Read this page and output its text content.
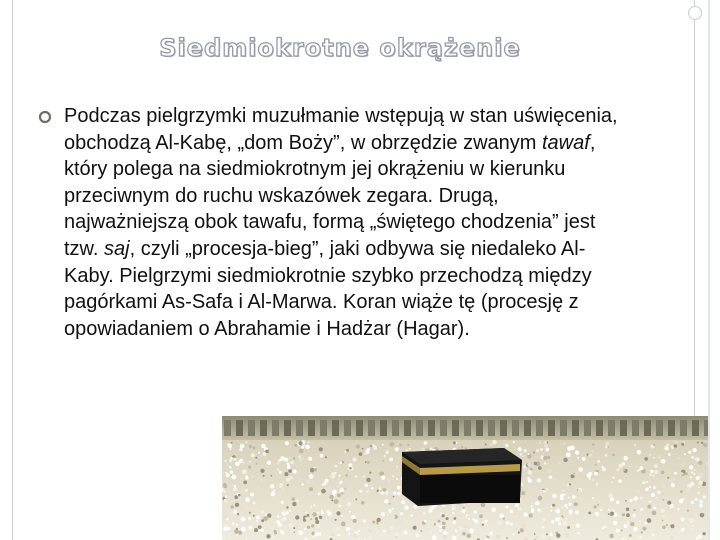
Siedmiokrotne okrążenie

Podczas pielgrzymki muzułmanie wstępują w stan uświęcenia, obchodzą Al-Kabę, „dom Boży”, w obrzędzie zwanym tawaf, który polega na siedmiokrotnym jej okrążeniu w kierunku przeciwnym do ruchu wskazówek zegara. Drugą, najważniejszą obok tawafu, formą „świętego chodzenia” jest tzw. saj, czyli „procesja-bieg”, jaki odbywa się niedaleko Al-Kaby. Pielgrzymi siedmiokrotnie szybko przechodzą między pagórkami As-Safa i Al-Marwa. Koran wiąże tę (procesję z opowiadaniem o Abrahamie i Hadżar (Hagar).
